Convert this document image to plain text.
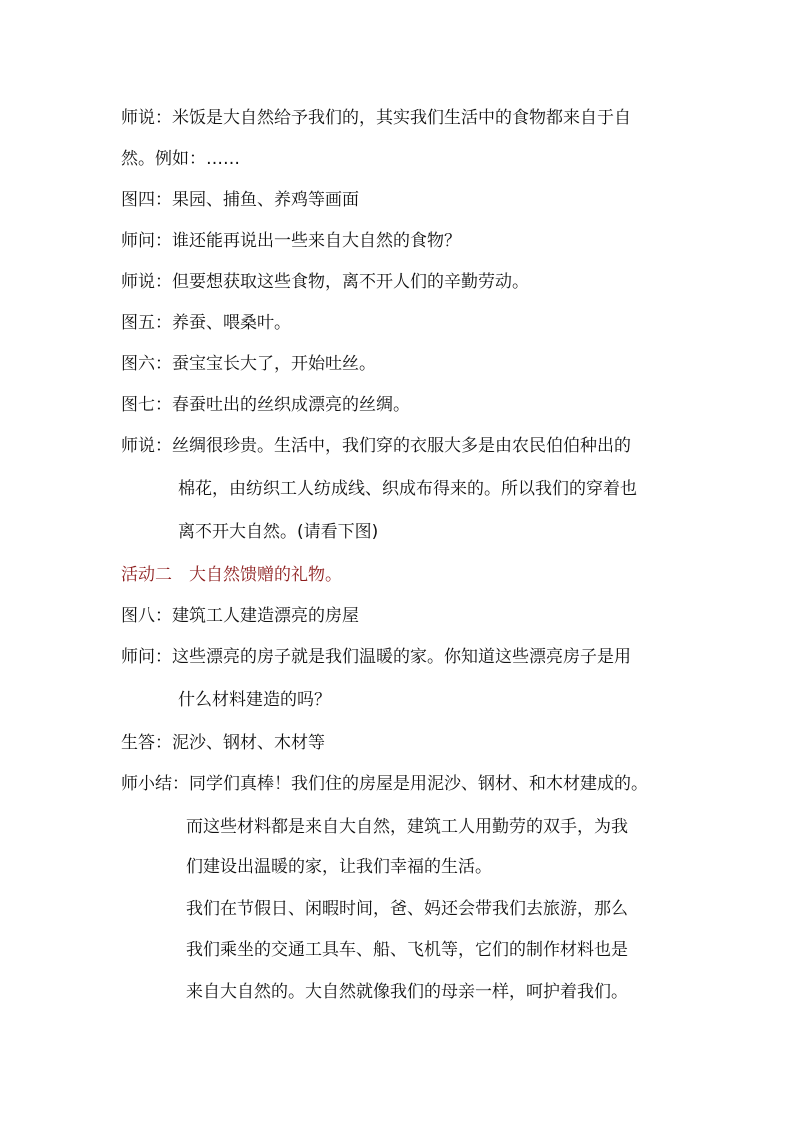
师说：米饭是大自然给予我们的，其实我们生活中的食物都来自于自
然。例如：……
图四：果园、捕鱼、养鸡等画面
师问：谁还能再说出一些来自大自然的食物？
师说：但要想获取这些食物，离不开人们的辛勤劳动。
图五：养蚕、喂桑叶。
图六：蚕宝宝长大了，开始吐丝。
图七：春蚕吐出的丝织成漂亮的丝绸。
师说：丝绸很珍贵。生活中，我们穿的衣服大多是由农民伯伯种出的
棉花，由纺织工人纺成线、织成布得来的。所以我们的穿着也
离不开大自然。(请看下图)
活动二　大自然馈赠的礼物。
图八：建筑工人建造漂亮的房屋
师问：这些漂亮的房子就是我们温暖的家。你知道这些漂亮房子是用
什么材料建造的吗？
生答：泥沙、钢材、木材等
师小结：同学们真棒！我们住的房屋是用泥沙、钢材、和木材建成的。
而这些材料都是来自大自然，建筑工人用勤劳的双手，为我
们建设出温暖的家，让我们幸福的生活。
我们在节假日、闲暇时间，爸、妈还会带我们去旅游，那么
我们乘坐的交通工具车、船、飞机等，它们的制作材料也是
来自大自然的。大自然就像我们的母亲一样，呵护着我们。
